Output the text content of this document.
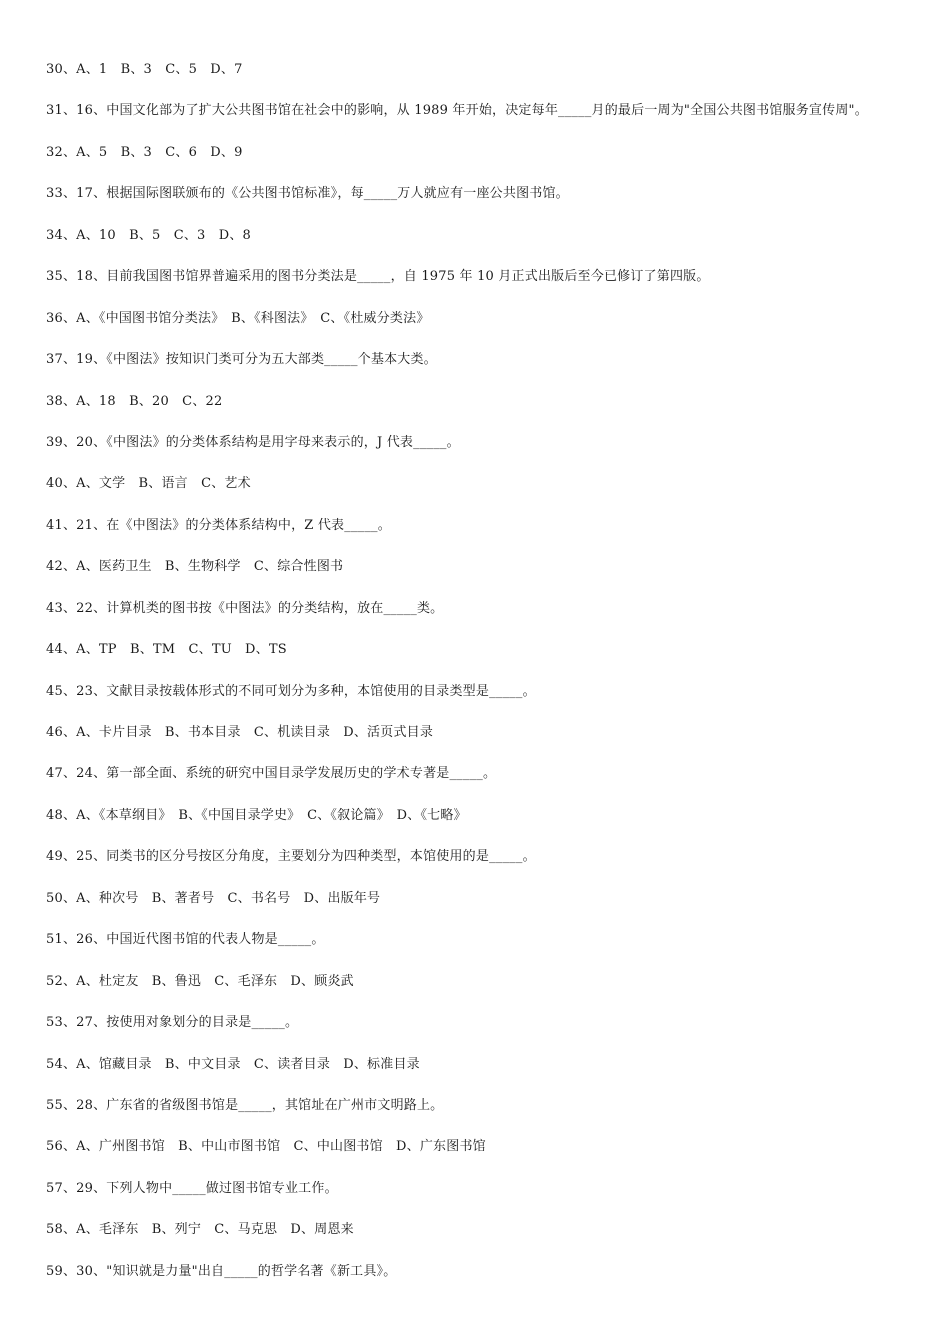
30、A、1　B、3　C、5　D、7
31、16、中国文化部为了扩大公共图书馆在社会中的影响，从 1989 年开始，决定每年_____月的最后一周为"全国公共图书馆服务宣传周"。
32、A、5　B、3　C、6　D、9
33、17、根据国际图联颁布的《公共图书馆标准》，每_____万人就应有一座公共图书馆。
34、A、10　B、5　C、3　D、8
35、18、目前我国图书馆界普遍采用的图书分类法是_____，自 1975 年 10 月正式出版后至今已修订了第四版。
36、A、《中国图书馆分类法》　B、《科图法》　C、《杜威分类法》
37、19、《中图法》按知识门类可分为五大部类_____个基本大类。
38、A、18　B、20　C、22
39、20、《中图法》的分类体系结构是用字母来表示的，J 代表_____。
40、A、文学　B、语言　C、艺术
41、21、在《中图法》的分类体系结构中，Z 代表_____。
42、A、医药卫生　B、生物科学　C、综合性图书
43、22、计算机类的图书按《中图法》的分类结构，放在_____类。
44、A、TP　B、TM　C、TU　D、TS
45、23、文献目录按载体形式的不同可划分为多种，本馆使用的目录类型是_____。
46、A、卡片目录　B、书本目录　C、机读目录　D、活页式目录
47、24、第一部全面、系统的研究中国目录学发展历史的学术专著是_____。
48、A、《本草纲目》　B、《中国目录学史》　C、《叙论篇》　D、《七略》
49、25、同类书的区分号按区分角度，主要划分为四种类型，本馆使用的是_____。
50、A、种次号　B、著者号　C、书名号　D、出版年号
51、26、中国近代图书馆的代表人物是_____。
52、A、杜定友　B、鲁迅　C、毛泽东　D、顾炎武
53、27、按使用对象划分的目录是_____。
54、A、馆藏目录　B、中文目录　C、读者目录　D、标准目录
55、28、广东省的省级图书馆是_____，其馆址在广州市文明路上。
56、A、广州图书馆　B、中山市图书馆　C、中山图书馆　D、广东图书馆
57、29、下列人物中_____做过图书馆专业工作。
58、A、毛泽东　B、列宁　C、马克思　D、周恩来
59、30、"知识就是力量"出自_____的哲学名著《新工具》。
